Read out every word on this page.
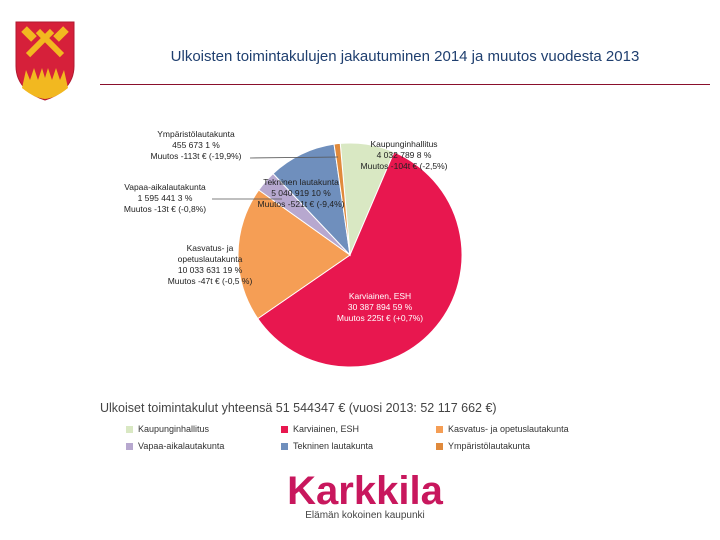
Ulkoisten toimintakulujen jakautuminen 2014 ja muutos vuodesta 2013
Kaupunginhallitus 4 032 789 8 % Muutos -104t € (-2,5%)
Karviainen, ESH 30 387 894 59 % Muutos 225t € (+0,7%)
Kasvatus- ja opetuslautakunta 10 033 631 19 % Muutos -47t € (-0,5 %)
Vapaa-aikalautakunta 1 595 441 3 % Muutos -13t € (-0,8%)
Tekninen lautakunta 5 040 919 10 % Muutos -521t € (-9,4%)
Ympäristölautakunta 455 673 1 % Muutos -113t € (-19,9%)
Ulkoiset toimintakulut yhteensä 51 544347 € (vuosi 2013: 52 117 662 €)
Kaupunginhallitus	Karviainen, ESH	Kasvatus- ja opetuslautakunta
Vapaa-aikalautakunta	Tekninen lautakunta	Ympäristölautakunta
Karkkila
Elämän kokoinen kaupunki
